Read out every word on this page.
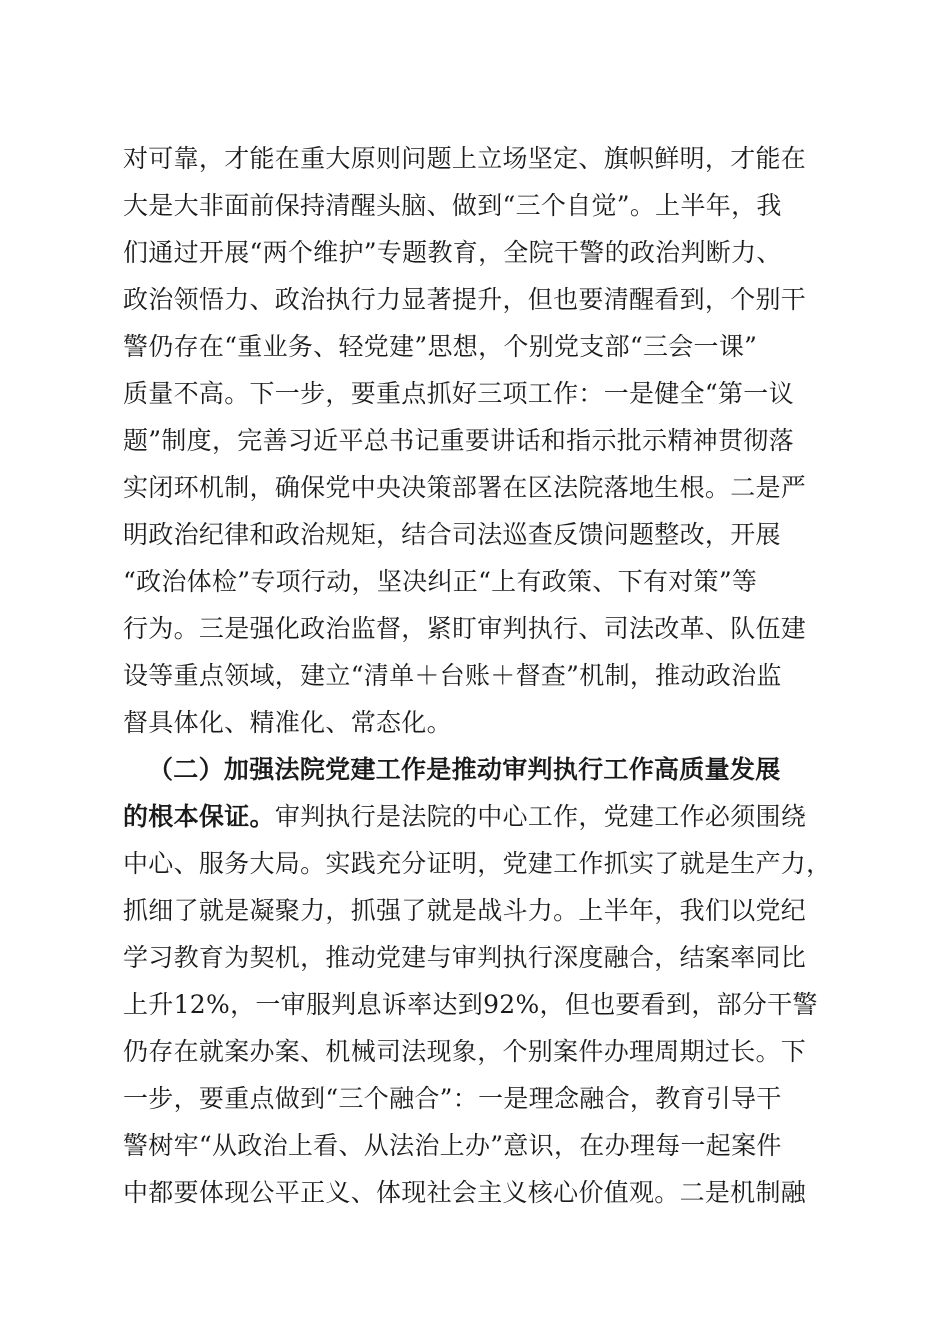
对可靠，才能在重大原则问题上立场坚定、旗帜鲜明，才能在
大是大非面前保持清醒头脑、做到“三个自觉”。上半年，我
们通过开展“两个维护”专题教育，全院干警的政治判断力、
政治领悟力、政治执行力显著提升，但也要清醒看到，个别干
警仍存在“重业务、轻党建”思想，个别党支部“三会一课”
质量不高。下一步，要重点抓好三项工作：一是健全“第一议
题”制度，完善习近平总书记重要讲话和指示批示精神贯彻落
实闭环机制，确保党中央决策部署在区法院落地生根。二是严
明政治纪律和政治规矩，结合司法巡查反馈问题整改，开展
“政治体检”专项行动，坚决纠正“上有政策、下有对策”等
行为。三是强化政治监督，紧盯审判执行、司法改革、队伍建
设等重点领域，建立“清单＋台账＋督查”机制，推动政治监
督具体化、精准化、常态化。
（二）加强法院党建工作是推动审判执行工作高质量发展
的根本保证。审判执行是法院的中心工作，党建工作必须围绕
中心、服务大局。实践充分证明，党建工作抓实了就是生产力，
抓细了就是凝聚力，抓强了就是战斗力。上半年，我们以党纪
学习教育为契机，推动党建与审判执行深度融合，结案率同比
上升12%，一审服判息诉率达到92%，但也要看到，部分干警
仍存在就案办案、机械司法现象，个别案件办理周期过长。下
一步，要重点做到“三个融合”：一是理念融合，教育引导干
警树牢“从政治上看、从法治上办”意识，在办理每一起案件
中都要体现公平正义、体现社会主义核心价值观。二是机制融
